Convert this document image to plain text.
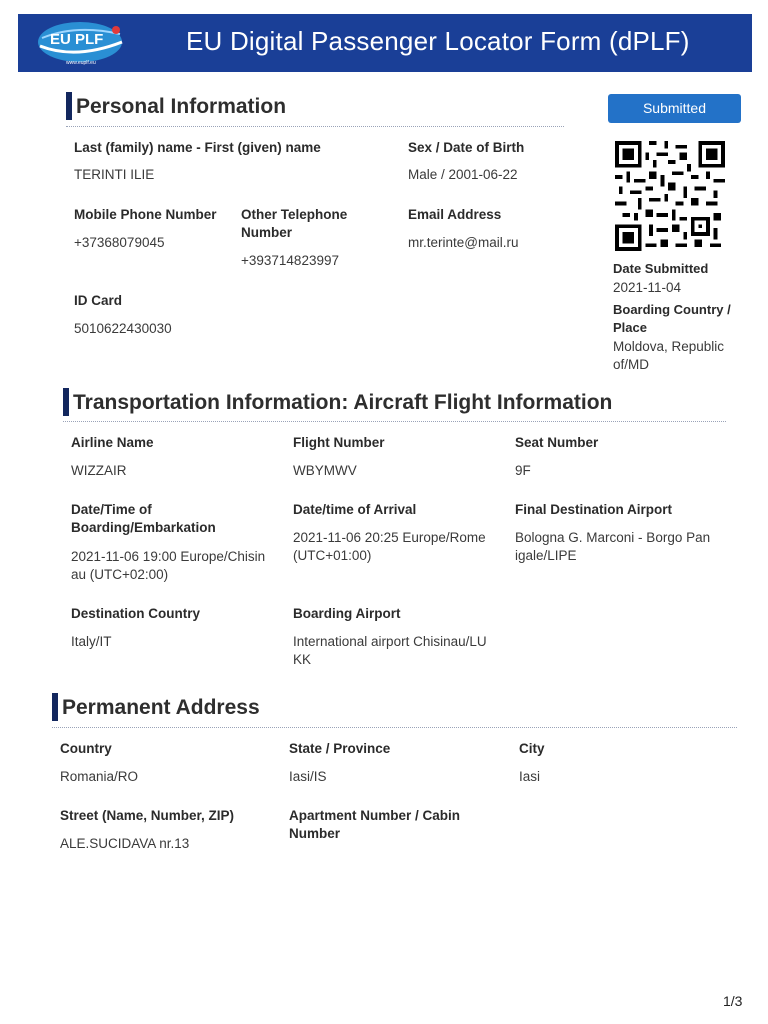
EU PLF
www.euplf.eu
EU Digital Passenger Locator Form (dPLF)
Submitted
Personal Information
Last (family) name - First (given) name
TERINTI ILIE
Sex / Date of Birth
Male / 2001-06-22
Mobile Phone Number
+37368079045
Other Telephone Number
+393714823997
Email Address
mr.terinte@mail.ru
ID Card
5010622430030
Date Submitted
2021-11-04
Boarding Country / Place
Moldova, Republic of/MD
Transportation Information: Aircraft Flight Information
Airline Name
WIZZAIR
Flight Number
WBYMWV
Seat Number
9F
Date/Time of Boarding/Embarkation
2021-11-06 19:00 Europe/Chisinau (UTC+02:00)
Date/time of Arrival
2021-11-06 20:25 Europe/Rome (UTC+01:00)
Final Destination Airport
Bologna G. Marconi - Borgo Panigale/LIPE
Destination Country
Italy/IT
Boarding Airport
International airport Chisinau/LUKK
Permanent Address
Country
Romania/RO
State / Province
Iasi/IS
City
Iasi
Street (Name, Number, ZIP)
ALE.SUCIDAVA nr.13
Apartment Number / Cabin Number
1/3
